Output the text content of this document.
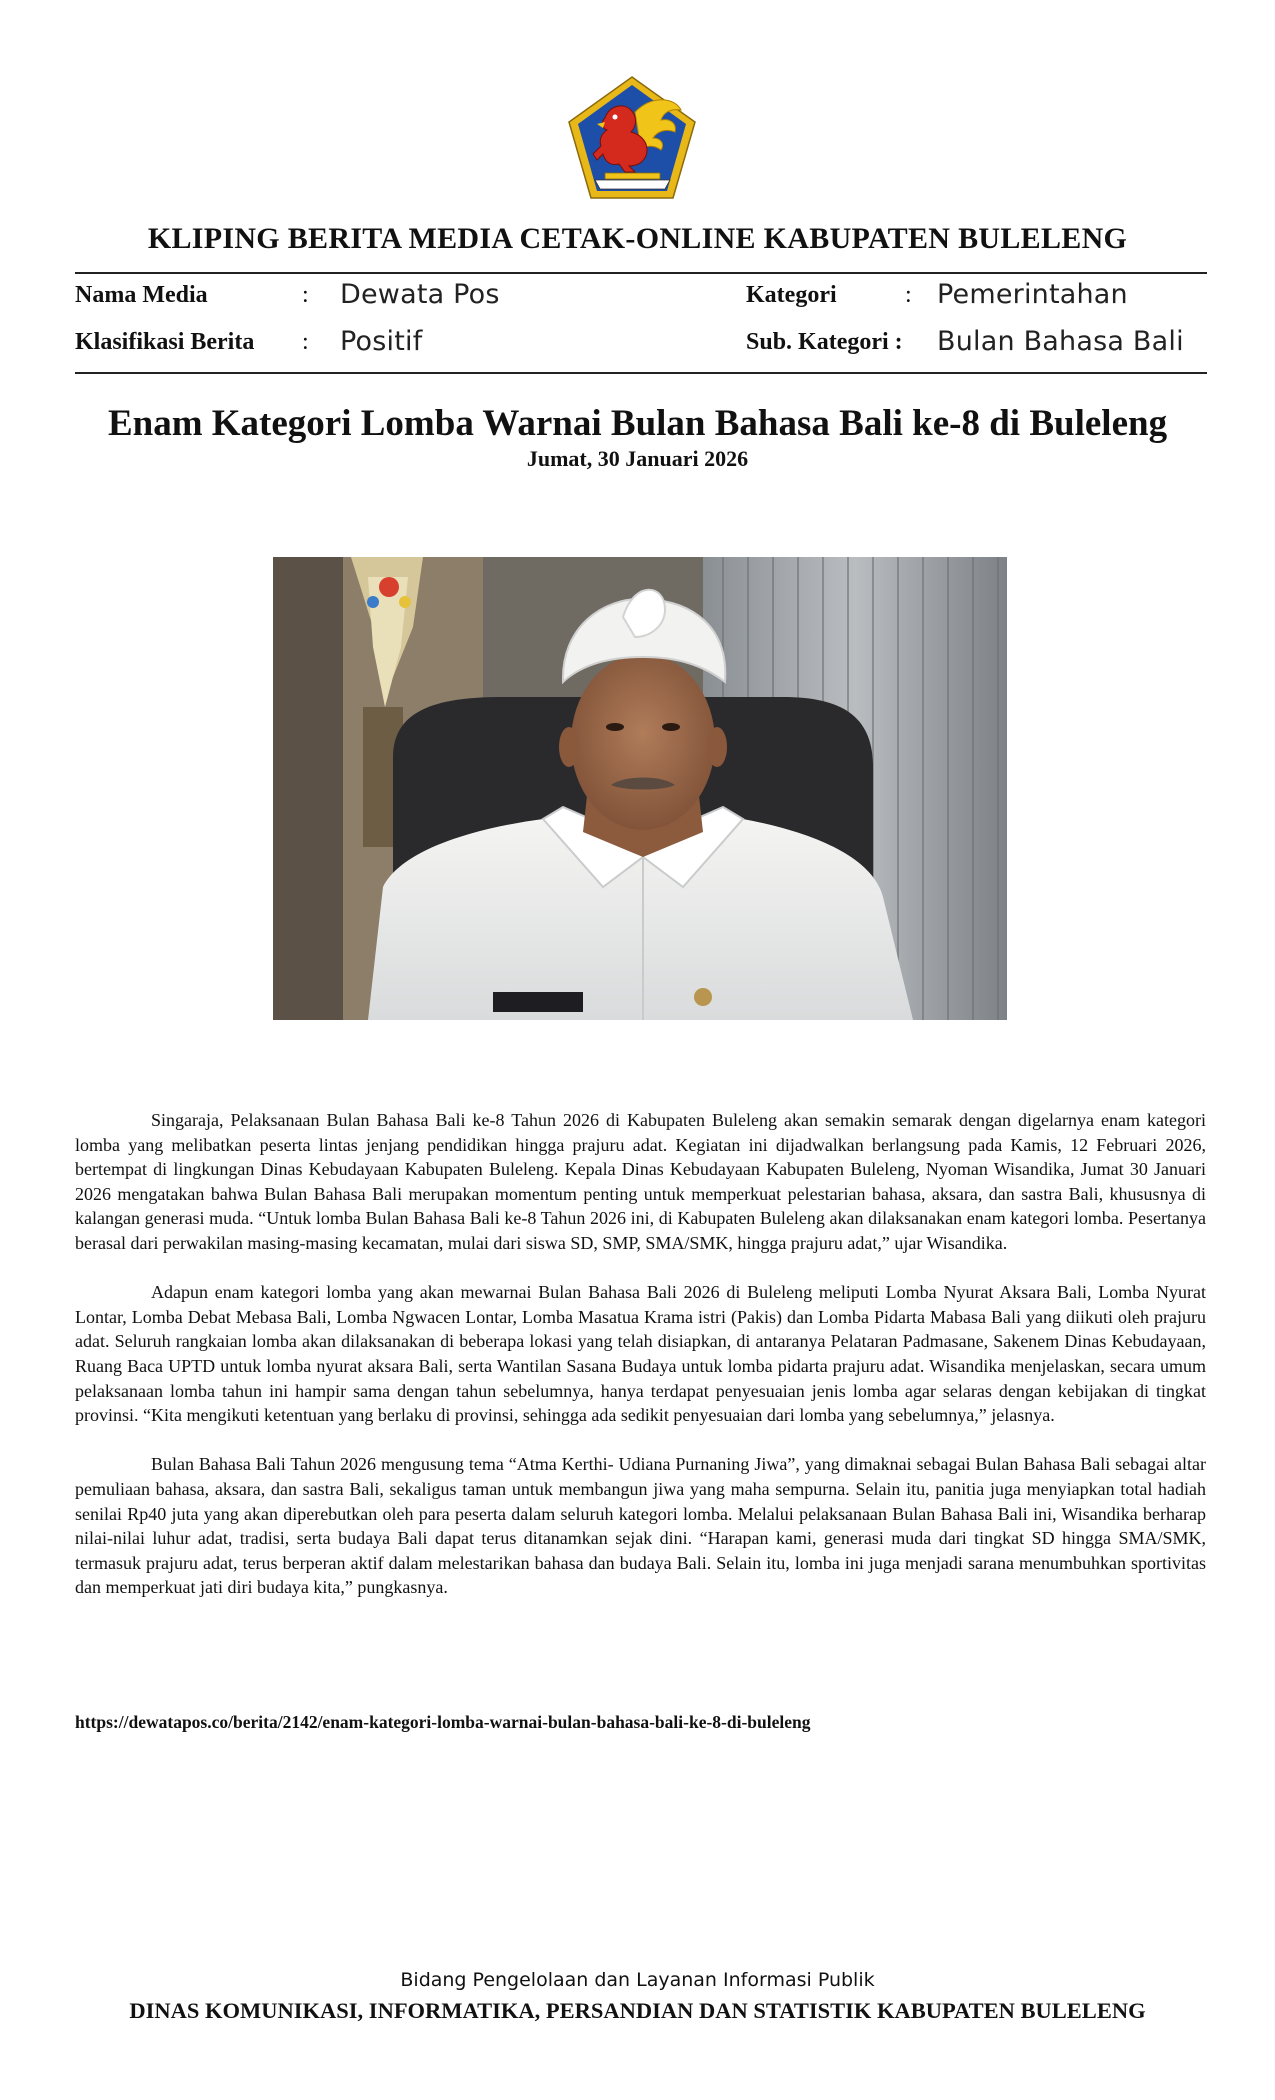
KLIPING BERITA MEDIA CETAK-ONLINE KABUPATEN BULELENG
Nama Media	: Dewata Pos	Kategori	: Pemerintahan
Klasifikasi Berita : Positif	Sub. Kategori : Bulan Bahasa Bali
Enam Kategori Lomba Warnai Bulan Bahasa Bali ke-8 di Buleleng
Jumat, 30 Januari 2026

Singaraja, Pelaksanaan Bulan Bahasa Bali ke-8 Tahun 2026 di Kabupaten Buleleng akan semakin semarak dengan digelarnya enam kategori lomba yang melibatkan peserta lintas jenjang pendidikan hingga prajuru adat. Kegiatan ini dijadwalkan berlangsung pada Kamis, 12 Februari 2026, bertempat di lingkungan Dinas Kebudayaan Kabupaten Buleleng. Kepala Dinas Kebudayaan Kabupaten Buleleng, Nyoman Wisandika, Jumat 30 Januari 2026 mengatakan bahwa Bulan Bahasa Bali merupakan momentum penting untuk memperkuat pelestarian bahasa, aksara, dan sastra Bali, khususnya di kalangan generasi muda. “Untuk lomba Bulan Bahasa Bali ke-8 Tahun 2026 ini, di Kabupaten Buleleng akan dilaksanakan enam kategori lomba. Pesertanya berasal dari perwakilan masing-masing kecamatan, mulai dari siswa SD, SMP, SMA/SMK, hingga prajuru adat,” ujar Wisandika.

Adapun enam kategori lomba yang akan mewarnai Bulan Bahasa Bali 2026 di Buleleng meliputi Lomba Nyurat Aksara Bali, Lomba Nyurat Lontar, Lomba Debat Mebasa Bali, Lomba Ngwacen Lontar, Lomba Masatua Krama istri (Pakis) dan Lomba Pidarta Mabasa Bali yang diikuti oleh prajuru adat. Seluruh rangkaian lomba akan dilaksanakan di beberapa lokasi yang telah disiapkan, di antaranya Pelataran Padmasane, Sakenem Dinas Kebudayaan, Ruang Baca UPTD untuk lomba nyurat aksara Bali, serta Wantilan Sasana Budaya untuk lomba pidarta prajuru adat. Wisandika menjelaskan, secara umum pelaksanaan lomba tahun ini hampir sama dengan tahun sebelumnya, hanya terdapat penyesuaian jenis lomba agar selaras dengan kebijakan di tingkat provinsi. “Kita mengikuti ketentuan yang berlaku di provinsi, sehingga ada sedikit penyesuaian dari lomba yang sebelumnya,” jelasnya.

Bulan Bahasa Bali Tahun 2026 mengusung tema “Atma Kerthi- Udiana Purnaning Jiwa”, yang dimaknai sebagai Bulan Bahasa Bali sebagai altar pemuliaan bahasa, aksara, dan sastra Bali, sekaligus taman untuk membangun jiwa yang maha sempurna. Selain itu, panitia juga menyiapkan total hadiah senilai Rp40 juta yang akan diperebutkan oleh para peserta dalam seluruh kategori lomba. Melalui pelaksanaan Bulan Bahasa Bali ini, Wisandika berharap nilai-nilai luhur adat, tradisi, serta budaya Bali dapat terus ditanamkan sejak dini. “Harapan kami, generasi muda dari tingkat SD hingga SMA/SMK, termasuk prajuru adat, terus berperan aktif dalam melestarikan bahasa dan budaya Bali. Selain itu, lomba ini juga menjadi sarana menumbuhkan sportivitas dan memperkuat jati diri budaya kita,” pungkasnya.

https://dewatapos.co/berita/2142/enam-kategori-lomba-warnai-bulan-bahasa-bali-ke-8-di-buleleng
Bidang Pengelolaan dan Layanan Informasi Publik
DINAS KOMUNIKASI, INFORMATIKA, PERSANDIAN DAN STATISTIK KABUPATEN BULELENG
